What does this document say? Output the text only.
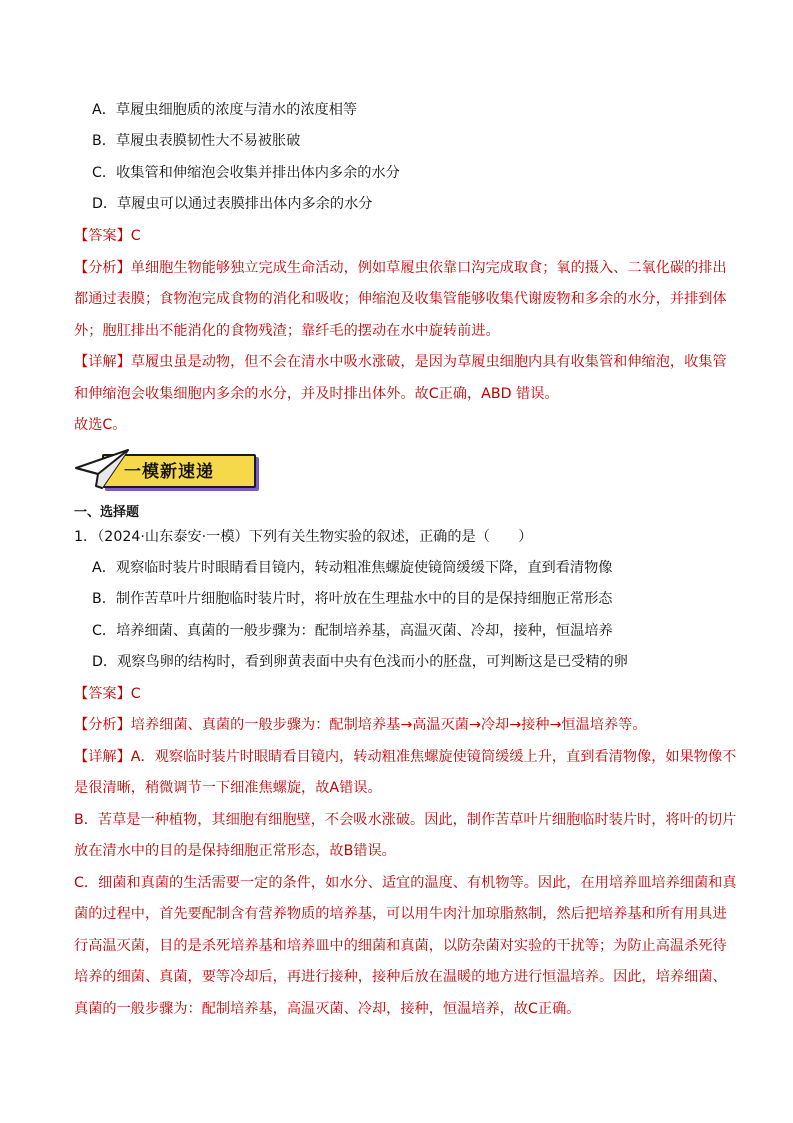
A．草履虫细胞质的浓度与清水的浓度相等
B．草履虫表膜韧性大不易被胀破
C．收集管和伸缩泡会收集并排出体内多余的水分
D．草履虫可以通过表膜排出体内多余的水分
【答案】C
【分析】单细胞生物能够独立完成生命活动，例如草履虫依靠口沟完成取食；氧的摄入、二氧化碳的排出
都通过表膜；食物泡完成食物的消化和吸收；伸缩泡及收集管能够收集代谢废物和多余的水分，并排到体
外；胞肛排出不能消化的食物残渣；靠纤毛的摆动在水中旋转前进。
【详解】草履虫虽是动物，但不会在清水中吸水涨破，是因为草履虫细胞内具有收集管和伸缩泡，收集管
和伸缩泡会收集细胞内多余的水分，并及时排出体外。故C正确，ABD 错误。
故选C。
一模新速递
一、选择题
1．（2024·山东泰安·一模）下列有关生物实验的叙述，正确的是（　　）
A．观察临时装片时眼睛看目镜内，转动粗准焦螺旋使镜筒缓缓下降，直到看清物像
B．制作苦草叶片细胞临时装片时，将叶放在生理盐水中的目的是保持细胞正常形态
C．培养细菌、真菌的一般步骤为：配制培养基，高温灭菌、冷却，接种，恒温培养
D．观察鸟卵的结构时，看到卵黄表面中央有色浅而小的胚盘，可判断这是已受精的卵
【答案】C
【分析】培养细菌、真菌的一般步骤为：配制培养基→高温灭菌→冷却→接种→恒温培养等。
【详解】A．观察临时装片时眼睛看目镜内，转动粗准焦螺旋使镜筒缓缓上升，直到看清物像，如果物像不
是很清晰，稍微调节一下细准焦螺旋，故A错误。
B．苦草是一种植物，其细胞有细胞壁，不会吸水涨破。因此，制作苦草叶片细胞临时装片时，将叶的切片
放在清水中的目的是保持细胞正常形态，故B错误。
C．细菌和真菌的生活需要一定的条件，如水分、适宜的温度、有机物等。因此，在用培养皿培养细菌和真
菌的过程中，首先要配制含有营养物质的培养基，可以用牛肉汁加琼脂熬制，然后把培养基和所有用具进
行高温灭菌，目的是杀死培养基和培养皿中的细菌和真菌，以防杂菌对实验的干扰等；为防止高温杀死待
培养的细菌、真菌，要等冷却后，再进行接种，接种后放在温暖的地方进行恒温培养。因此，培养细菌、
真菌的一般步骤为：配制培养基，高温灭菌、冷却，接种，恒温培养，故C正确。
